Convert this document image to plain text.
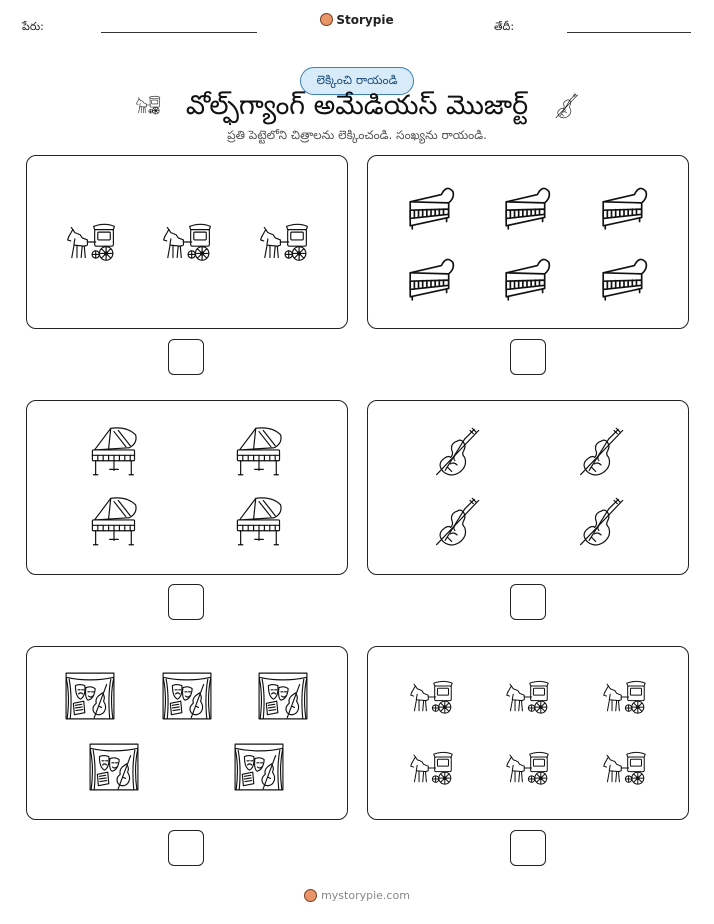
పేరు:	Storypie	తేదీ:
లెక్కించి రాయండి
వోల్ఫ్‌గ్యాంగ్ అమేడియస్ మొజార్ట్
ప్రతి పెట్టెలోని చిత్రాలను లెక్కించండి. సంఖ్యను రాయండి.
mystorypie.com
